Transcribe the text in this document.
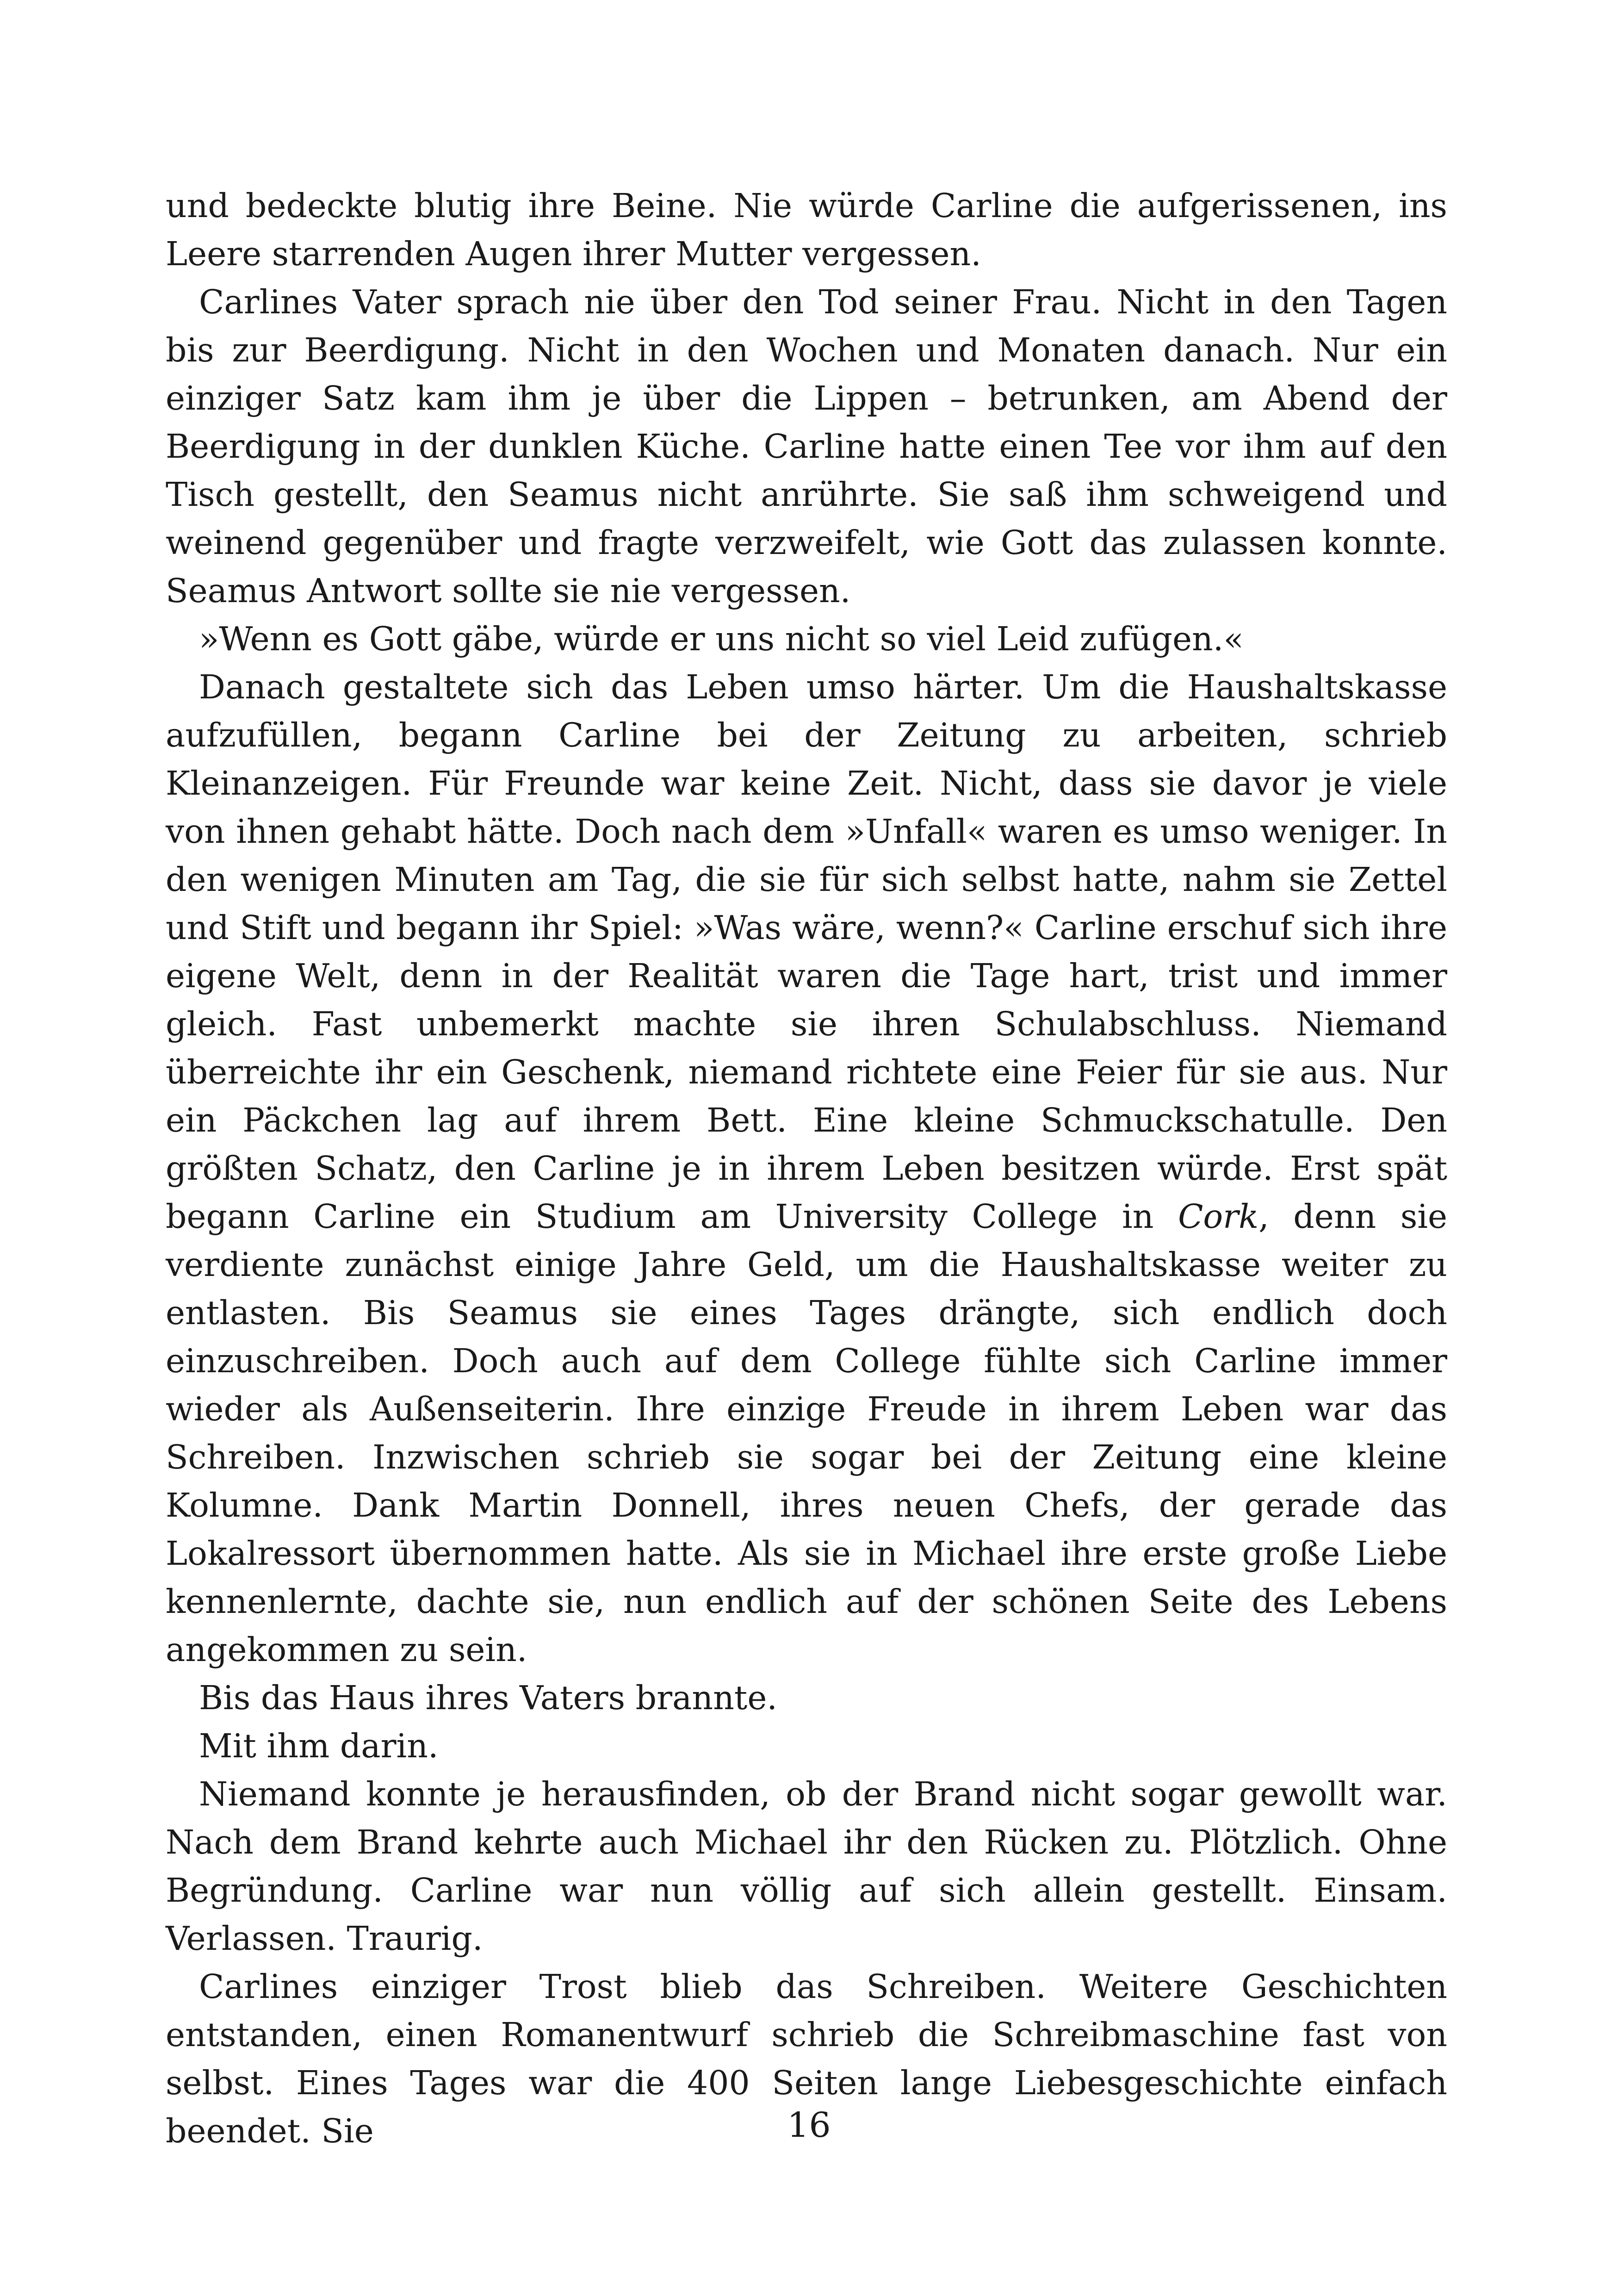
und bedeckte blutig ihre Beine. Nie würde Carline die aufgerissenen, ins Leere starrenden Augen ihrer Mutter vergessen.

Carlines Vater sprach nie über den Tod seiner Frau. Nicht in den Tagen bis zur Beerdigung. Nicht in den Wochen und Monaten danach. Nur ein einziger Satz kam ihm je über die Lippen – betrunken, am Abend der Beerdigung in der dunklen Küche. Carline hatte einen Tee vor ihm auf den Tisch gestellt, den Seamus nicht anrührte. Sie saß ihm schweigend und weinend gegenüber und fragte verzweifelt, wie Gott das zulassen konnte. Seamus Antwort sollte sie nie vergessen.

»Wenn es Gott gäbe, würde er uns nicht so viel Leid zufügen.«

Danach gestaltete sich das Leben umso härter. Um die Haushaltskasse aufzufüllen, begann Carline bei der Zeitung zu arbeiten, schrieb Kleinanzeigen. Für Freunde war keine Zeit. Nicht, dass sie davor je viele von ihnen gehabt hätte. Doch nach dem »Unfall« waren es umso weniger. In den wenigen Minuten am Tag, die sie für sich selbst hatte, nahm sie Zettel und Stift und begann ihr Spiel: »Was wäre, wenn?« Carline erschuf sich ihre eigene Welt, denn in der Realität waren die Tage hart, trist und immer gleich. Fast unbemerkt machte sie ihren Schulabschluss. Niemand überreichte ihr ein Geschenk, niemand richtete eine Feier für sie aus. Nur ein Päckchen lag auf ihrem Bett. Eine kleine Schmuckschatulle. Den größten Schatz, den Carline je in ihrem Leben besitzen würde. Erst spät begann Carline ein Studium am University College in Cork, denn sie verdiente zunächst einige Jahre Geld, um die Haushaltskasse weiter zu entlasten. Bis Seamus sie eines Tages drängte, sich endlich doch einzuschreiben. Doch auch auf dem College fühlte sich Carline immer wieder als Außenseiterin. Ihre einzige Freude in ihrem Leben war das Schreiben. Inzwischen schrieb sie sogar bei der Zeitung eine kleine Kolumne. Dank Martin Donnell, ihres neuen Chefs, der gerade das Lokalressort übernommen hatte. Als sie in Michael ihre erste große Liebe kennenlernte, dachte sie, nun endlich auf der schönen Seite des Lebens angekommen zu sein.

Bis das Haus ihres Vaters brannte.

Mit ihm darin.

Niemand konnte je herausfinden, ob der Brand nicht sogar gewollt war. Nach dem Brand kehrte auch Michael ihr den Rücken zu. Plötzlich. Ohne Begründung. Carline war nun völlig auf sich allein gestellt. Einsam. Verlassen. Traurig.

Carlines einziger Trost blieb das Schreiben. Weitere Geschichten entstanden, einen Romanentwurf schrieb die Schreibmaschine fast von selbst. Eines Tages war die 400 Seiten lange Liebesgeschichte einfach beendet. Sie	16
